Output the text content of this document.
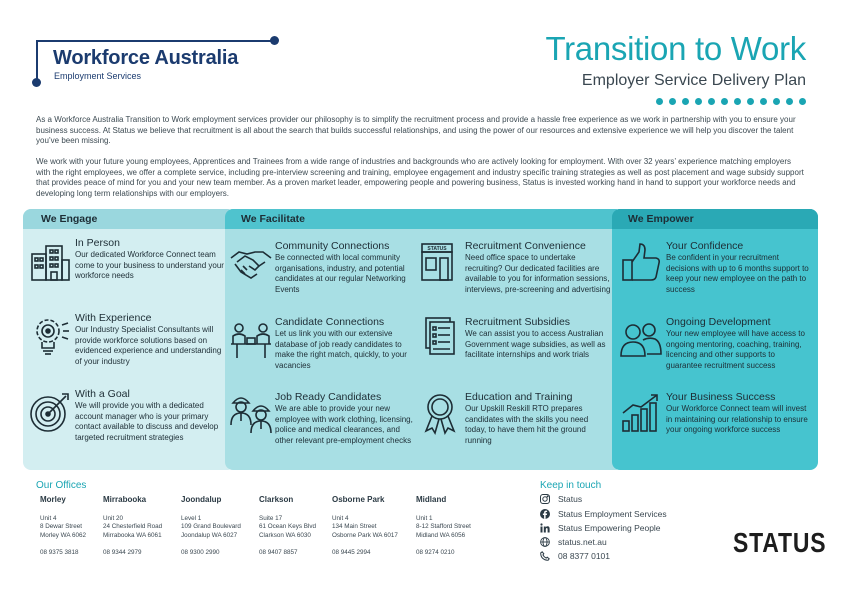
Workforce Australia
Employment Services
Transition to Work
Employer Service Delivery Plan

As a Workforce Australia Transition to Work employment services provider our philosophy is to simplify the recruitment process and provide a hassle free experience as we work in partnership with you to ensure your business success. At Status we believe that recruitment is all about the search that builds successful relationships, and using the power of our resources and extensive experience we will help you discover the talent you’ve been missing.

We work with your future young employees, Apprentices and Trainees from a wide range of industries and backgrounds who are actively looking for employment. With over 32 years’ experience matching employers with the right employees, we offer a complete service, including pre-interview screening and training, employee engagement and industry specific training strategies as well as post placement and wage subsidy support that provides peace of mind for you and your new team member. As a proven market leader, empowering people and powering business, Status is invested working hand in hand to support your workforce needs and developing long term relationships with our employers.

We Engage	We Facilitate	We Empower
In Person
Our dedicated Workforce Connect team come to your business to understand your workforce needs
With Experience
Our Industry Specialist Consultants will provide workforce solutions based on evidenced experience and understanding of your industry
With a Goal
We will provide you with a dedicated account manager who is your primary contact available to discuss and develop targeted recruitment strategies
Community Connections
Be connected with local community organisations, industry, and potential candidates at our regular Networking Events
Candidate Connections
Let us link you with our extensive database of job ready candidates to make the right match, quickly, to your vacancies
Job Ready Candidates
We are able to provide your new employee with work clothing, licensing, police and medical clearances, and other relevant pre-employment checks
STATUS Recruitment Convenience
Need office space to undertake recruiting? Our dedicated facilities are available to you for information sessions, interviews, pre-screening and advertising
Recruitment Subsidies
We can assist you to access Australian Government wage subsidies, as well as facilitate internships and work trials
Education and Training
Our Upskill Reskill RTO prepares candidates with the skills you need today, to have them hit the ground running
Your Confidence
Be confident in your recruitment decisions with up to 6 months support to keep your new employee on the path to success
Ongoing Development
Your new employee will have access to ongoing mentoring, coaching, training, licencing and other supports to guarantee recruitment success
Your Business Success
Our Workforce Connect team will invest in maintaining our relationship to ensure your ongoing workforce success
Our Offices
Morley
Unit 4
8 Dewar Street
Morley WA 6062
08 9375 3818
Mirrabooka
Unit 20
24 Chesterfield Road
Mirrabooka WA 6061
08 9344 2979
Joondalup
Level 1
109 Grand Boulevard
Joondalup WA 6027
08 9300 2990
Clarkson
Suite 17
61 Ocean Keys Blvd
Clarkson WA 6030
08 9407 8857
Osborne Park
Unit 4
134 Main Street
Osborne Park WA 6017
08 9445 2994
Midland
Unit 1
8-12 Stafford Street
Midland WA 6056
08 9274 0210
Keep in touch
Status
Status Employment Services
Status Empowering People
status.net.au
08 8377 0101	STATUS
